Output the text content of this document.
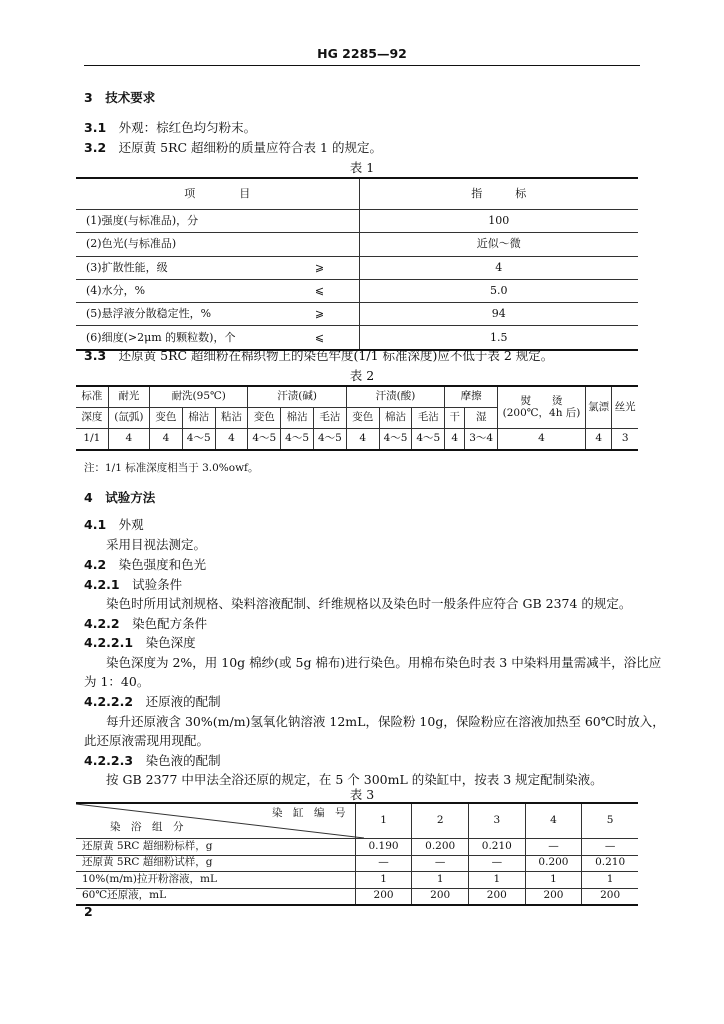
HG 2285—92
3　技术要求
3.1　 外观：棕红色均匀粉末。
3.2　 还原黄 5RC 超细粉的质量应符合表 1 的规定。
表 1
项　　　　目		指　　　标
(1)强度(与标准品)，分		100
(2)色光(与标准品)		近似～微
(3)扩散性能，级	⩾	4
(4)水分，%	⩽	5.0
(5)悬浮液分散稳定性，%	⩾	94
(6)细度(>2μm 的颗粒数)，个	⩽	1.5
3.3　 还原黄 5RC 超细粉在棉织物上的染色牢度(1/1 标准深度)应不低于表 2 规定。
表 2
标准	耐光	耐洗(95℃)			汗渍(碱)			汗渍(酸)			摩擦		熨　　烫
(200℃，4h 后)	氯漂	丝光
深度	(氙弧)	变色	棉沾	粘沾	变色	棉沾	毛沾	变色	棉沾	毛沾	干	湿			
1/1	4	4	4～5	4	4～5	4～5	4～5	4	4～5	4～5	4	3～4	4	4	3
注：1/1 标准深度相当于 3.0%owf。
4　试验方法
4.1　 外观
采用目视法测定。
4.2　 染色强度和色光
4.2.1　 试验条件
染色时所用试剂规格、染料溶液配制、纤维规格以及染色时一般条件应符合 GB 2374 的规定。
4.2.2　 染色配方条件
4.2.2.1　 染色深度
染色深度为 2%，用 10g 棉纱(或 5g 棉布)进行染色。用棉布染色时表 3 中染料用量需减半，浴比应
为 1：40。
4.2.2.2　 还原液的配制
每升还原液含 30%(m/m)氢氧化钠溶液 12mL，保险粉 10g，保险粉应在溶液加热至 60℃时放入，
此还原液需现用现配。
4.2.2.3　 染色液的配制
按 GB 2377 中甲法全浴还原的规定，在 5 个 300mL 的染缸中，按表 3 规定配制染液。
表 3
染　缸　编　号
染　浴　组　分	1	2	3	4	5
还原黄 5RC 超细粉标样，g	0.190	0.200	0.210	—	—
还原黄 5RC 超细粉试样，g	—	—	—	0.200	0.210
10%(m/m)拉开粉溶液，mL	1	1	1	1	1
60℃还原液，mL	200	200	200	200	200
2
